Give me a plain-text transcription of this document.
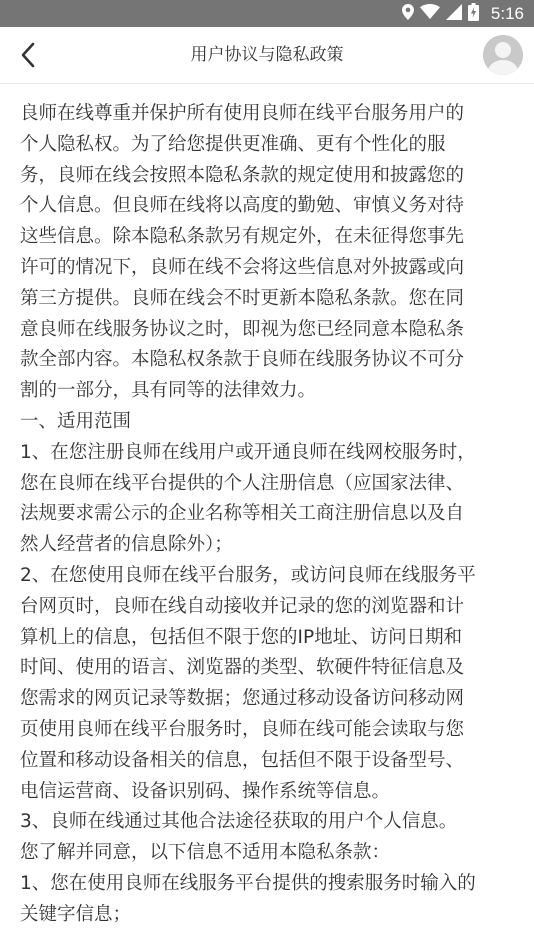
5:16
用户协议与隐私政策
良师在线尊重并保护所有使用良师在线平台服务用户的
个人隐私权。为了给您提供更准确、更有个性化的服
务，良师在线会按照本隐私条款的规定使用和披露您的
个人信息。但良师在线将以高度的勤勉、审慎义务对待
这些信息。除本隐私条款另有规定外，在未征得您事先
许可的情况下，良师在线不会将这些信息对外披露或向
第三方提供。良师在线会不时更新本隐私条款。您在同
意良师在线服务协议之时，即视为您已经同意本隐私条
款全部内容。本隐私权条款于良师在线服务协议不可分
割的一部分，具有同等的法律效力。
一、适用范围
1、在您注册良师在线用户或开通良师在线网校服务时，
您在良师在线平台提供的个人注册信息（应国家法律、
法规要求需公示的企业名称等相关工商注册信息以及自
然人经营者的信息除外）；
2、在您使用良师在线平台服务，或访问良师在线服务平
台网页时，良师在线自动接收并记录的您的浏览器和计
算机上的信息，包括但不限于您的IP地址、访问日期和
时间、使用的语言、浏览器的类型、软硬件特征信息及
您需求的网页记录等数据；您通过移动设备访问移动网
页使用良师在线平台服务时，良师在线可能会读取与您
位置和移动设备相关的信息，包括但不限于设备型号、
电信运营商、设备识别码、操作系统等信息。
3、良师在线通过其他合法途径获取的用户个人信息。
您了解并同意，以下信息不适用本隐私条款：
1、您在使用良师在线服务平台提供的搜索服务时输入的
关键字信息；
